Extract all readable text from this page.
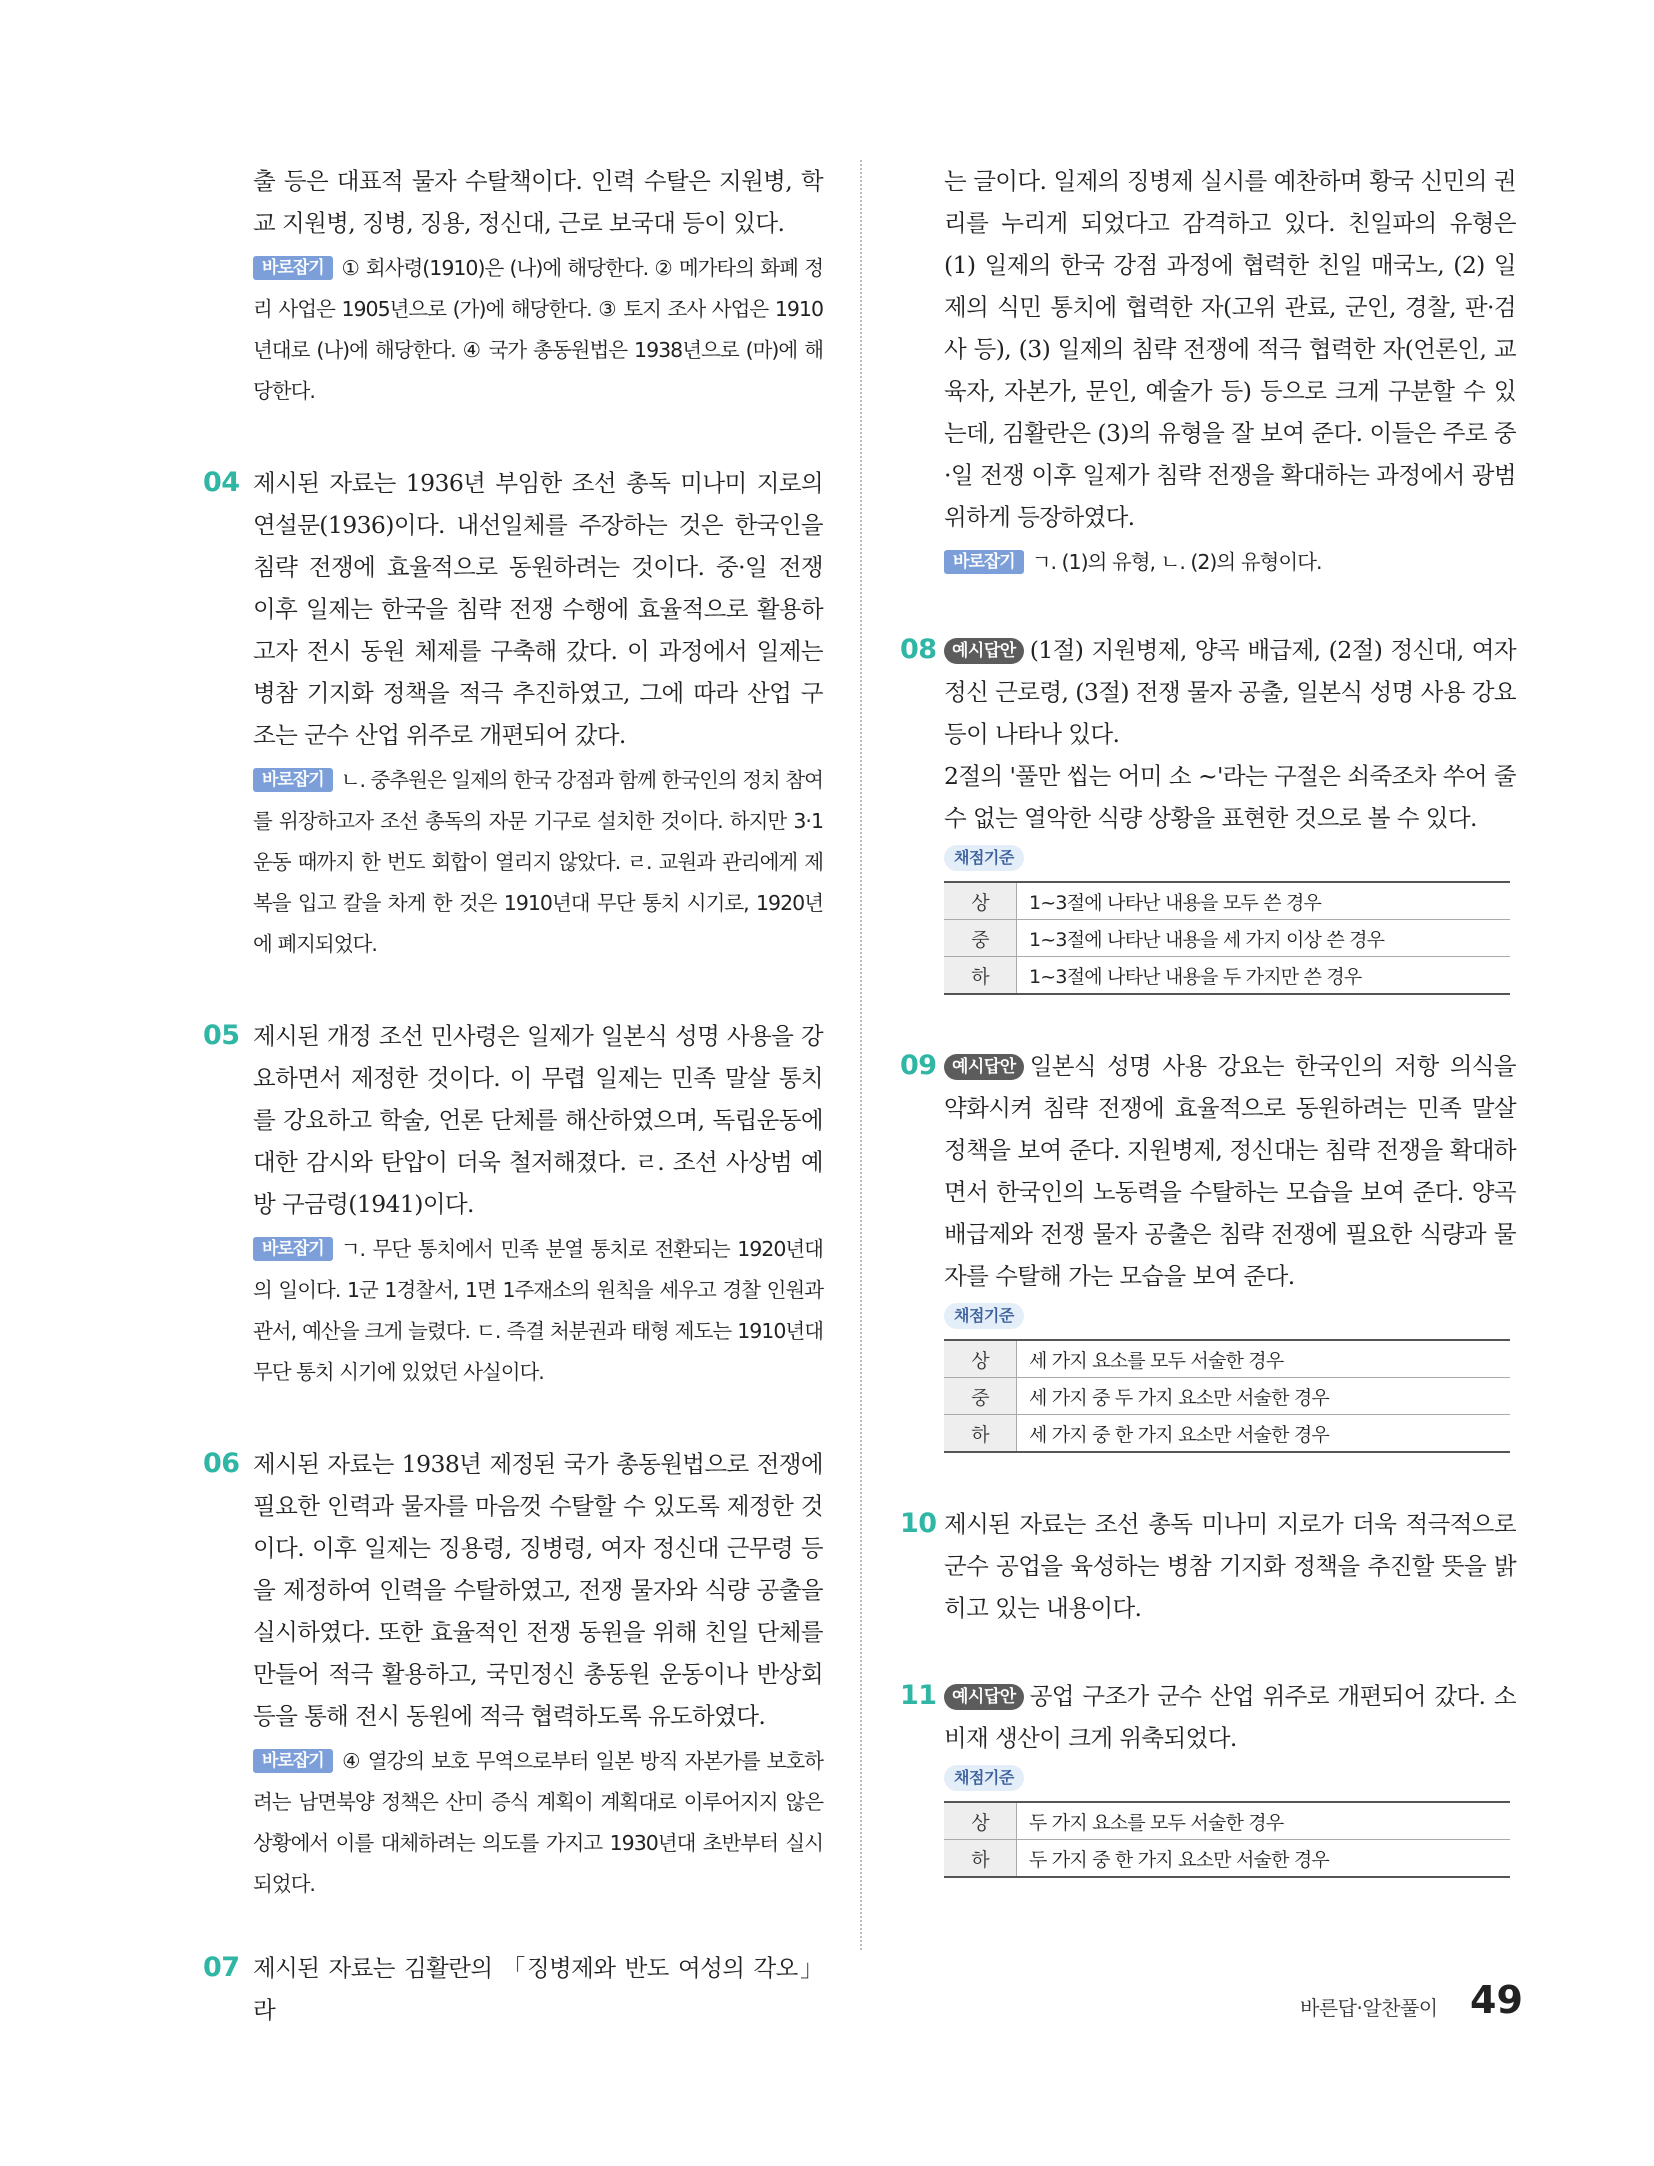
출 등은 대표적 물자 수탈책이다. 인력 수탈은 지원병, 학교 지원병, 징병, 징용, 정신대, 근로 보국대 등이 있다.

바로잡기 ① 회사령(1910)은 (나)에 해당한다. ② 메가타의 화폐 정리 사업은 1905년으로 (가)에 해당한다. ③ 토지 조사 사업은 1910년대로 (나)에 해당한다. ④ 국가 총동원법은 1938년으로 (마)에 해당한다.

04 제시된 자료는 1936년 부임한 조선 총독 미나미 지로의 연설문(1936)이다. 내선일체를 주장하는 것은 한국인을 침략 전쟁에 효율적으로 동원하려는 것이다. 중·일 전쟁 이후 일제는 한국을 침략 전쟁 수행에 효율적으로 활용하고자 전시 동원 체제를 구축해 갔다. 이 과정에서 일제는 병참 기지화 정책을 적극 추진하였고, 그에 따라 산업 구조는 군수 산업 위주로 개편되어 갔다.

바로잡기 ㄴ. 중추원은 일제의 한국 강점과 함께 한국인의 정치 참여를 위장하고자 조선 총독의 자문 기구로 설치한 것이다. 하지만 3·1 운동 때까지 한 번도 회합이 열리지 않았다. ㄹ. 교원과 관리에게 제복을 입고 칼을 차게 한 것은 1910년대 무단 통치 시기로, 1920년에 폐지되었다.

05 제시된 개정 조선 민사령은 일제가 일본식 성명 사용을 강요하면서 제정한 것이다. 이 무렵 일제는 민족 말살 통치를 강요하고 학술, 언론 단체를 해산하였으며, 독립운동에 대한 감시와 탄압이 더욱 철저해졌다. ㄹ. 조선 사상범 예방 구금령(1941)이다.

바로잡기 ㄱ. 무단 통치에서 민족 분열 통치로 전환되는 1920년대의 일이다. 1군 1경찰서, 1면 1주재소의 원칙을 세우고 경찰 인원과 관서, 예산을 크게 늘렸다. ㄷ. 즉결 처분권과 태형 제도는 1910년대 무단 통치 시기에 있었던 사실이다.

06 제시된 자료는 1938년 제정된 국가 총동원법으로 전쟁에 필요한 인력과 물자를 마음껏 수탈할 수 있도록 제정한 것이다. 이후 일제는 징용령, 징병령, 여자 정신대 근무령 등을 제정하여 인력을 수탈하였고, 전쟁 물자와 식량 공출을 실시하였다. 또한 효율적인 전쟁 동원을 위해 친일 단체를 만들어 적극 활용하고, 국민정신 총동원 운동이나 반상회 등을 통해 전시 동원에 적극 협력하도록 유도하였다.

바로잡기 ④ 열강의 보호 무역으로부터 일본 방직 자본가를 보호하려는 남면북양 정책은 산미 증식 계획이 계획대로 이루어지지 않은 상황에서 이를 대체하려는 의도를 가지고 1930년대 초반부터 실시되었다.

07 제시된 자료는 김활란의 「징병제와 반도 여성의 각오」라

는 글이다. 일제의 징병제 실시를 예찬하며 황국 신민의 권리를 누리게 되었다고 감격하고 있다. 친일파의 유형은 (1) 일제의 한국 강점 과정에 협력한 친일 매국노, (2) 일제의 식민 통치에 협력한 자(고위 관료, 군인, 경찰, 판·검사 등), (3) 일제의 침략 전쟁에 적극 협력한 자(언론인, 교육자, 자본가, 문인, 예술가 등) 등으로 크게 구분할 수 있는데, 김활란은 (3)의 유형을 잘 보여 준다. 이들은 주로 중·일 전쟁 이후 일제가 침략 전쟁을 확대하는 과정에서 광범위하게 등장하였다.

바로잡기 ㄱ. (1)의 유형, ㄴ. (2)의 유형이다.

08 예시답안 (1절) 지원병제, 양곡 배급제, (2절) 정신대, 여자 정신 근로령, (3절) 전쟁 물자 공출, 일본식 성명 사용 강요 등이 나타나 있다.

2절의 '풀만 씹는 어미 소 ~'라는 구절은 쇠죽조차 쑤어 줄 수 없는 열악한 식량 상황을 표현한 것으로 볼 수 있다.

채점기준
상	1~3절에 나타난 내용을 모두 쓴 경우
중	1~3절에 나타난 내용을 세 가지 이상 쓴 경우
하	1~3절에 나타난 내용을 두 가지만 쓴 경우
09 예시답안 일본식 성명 사용 강요는 한국인의 저항 의식을 약화시켜 침략 전쟁에 효율적으로 동원하려는 민족 말살 정책을 보여 준다. 지원병제, 정신대는 침략 전쟁을 확대하면서 한국인의 노동력을 수탈하는 모습을 보여 준다. 양곡 배급제와 전쟁 물자 공출은 침략 전쟁에 필요한 식량과 물자를 수탈해 가는 모습을 보여 준다.

채점기준
상	세 가지 요소를 모두 서술한 경우
중	세 가지 중 두 가지 요소만 서술한 경우
하	세 가지 중 한 가지 요소만 서술한 경우
10 제시된 자료는 조선 총독 미나미 지로가 더욱 적극적으로 군수 공업을 육성하는 병참 기지화 정책을 추진할 뜻을 밝히고 있는 내용이다.

11 예시답안 공업 구조가 군수 산업 위주로 개편되어 갔다. 소비재 생산이 크게 위축되었다.

채점기준
상	두 가지 요소를 모두 서술한 경우
하	두 가지 중 한 가지 요소만 서술한 경우
바른답·알찬풀이 49
